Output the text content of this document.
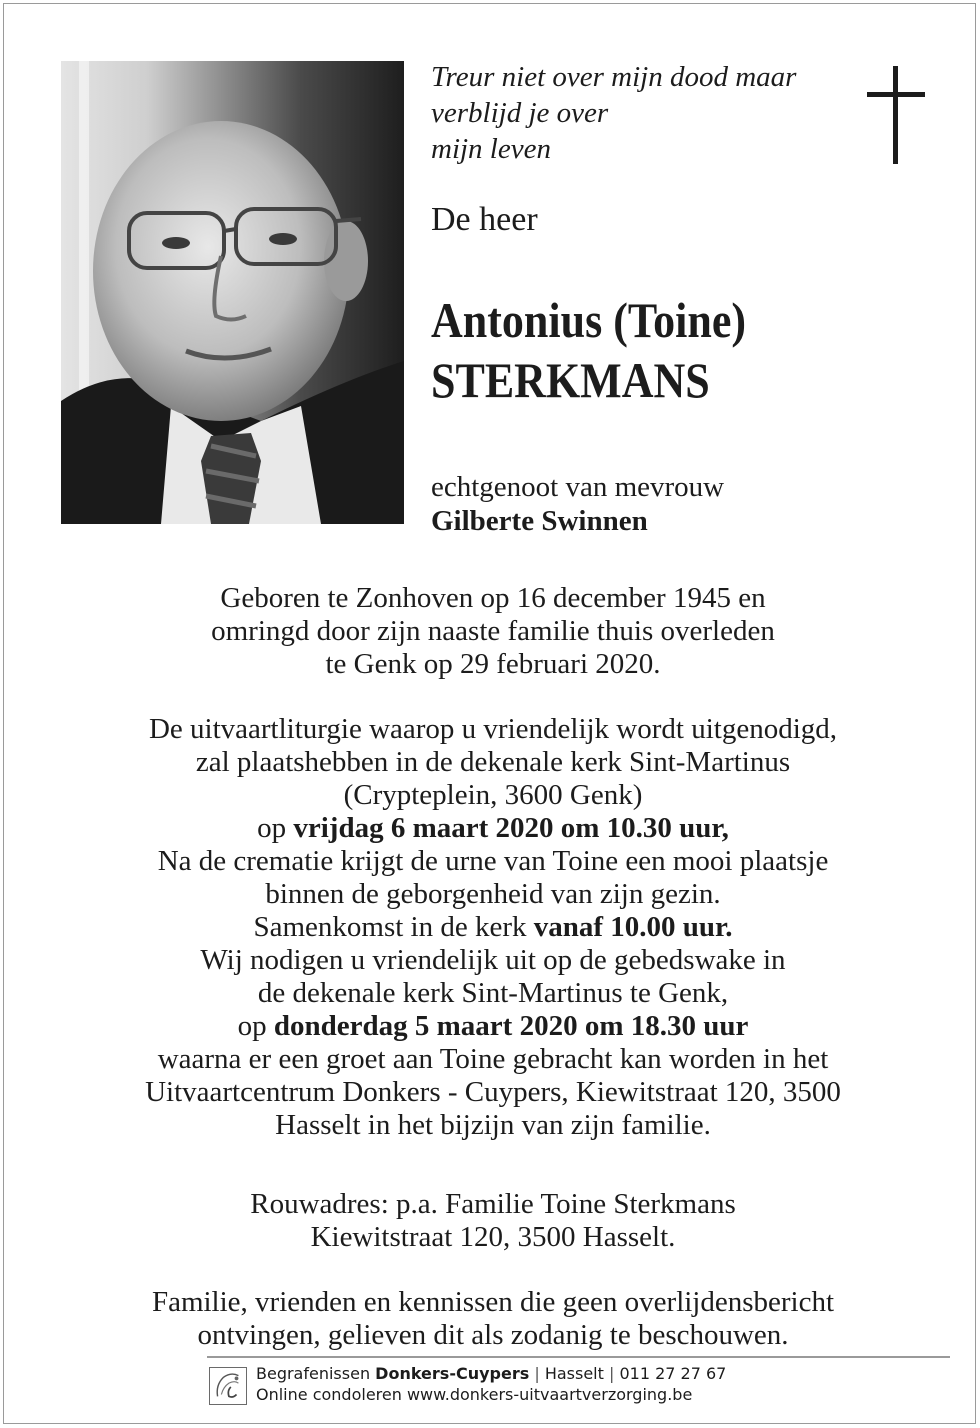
Treur niet over mijn dood maar
verblijd je over
mijn leven
De heer
Antonius (Toine)
STERKMANS
echtgenoot van mevrouw
Gilberte Swinnen
Geboren te Zonhoven op 16 december 1945 en
omringd door zijn naaste familie thuis overleden
te Genk op 29 februari 2020.
De uitvaartliturgie waarop u vriendelijk wordt uitgenodigd,
zal plaatshebben in de dekenale kerk Sint-Martinus
(Crypteplein, 3600 Genk)
op vrijdag 6 maart 2020 om 10.30 uur,
Na de crematie krijgt de urne van Toine een mooi plaatsje
binnen de geborgenheid van zijn gezin.
Samenkomst in de kerk vanaf 10.00 uur.
Wij nodigen u vriendelijk uit op de gebedswake in
de dekenale kerk Sint-Martinus te Genk,
op donderdag 5 maart 2020 om 18.30 uur
waarna er een groet aan Toine gebracht kan worden in het
Uitvaartcentrum Donkers - Cuypers, Kiewitstraat 120, 3500
Hasselt in het bijzijn van zijn familie.
Rouwadres: p.a. Familie Toine Sterkmans
Kiewitstraat 120, 3500 Hasselt.
Familie, vrienden en kennissen die geen overlijdensbericht
ontvingen, gelieven dit als zodanig te beschouwen.
Begrafenissen Donkers-Cuypers | Hasselt | 011 27 27 67
Online condoleren www.donkers-uitvaartverzorging.be
